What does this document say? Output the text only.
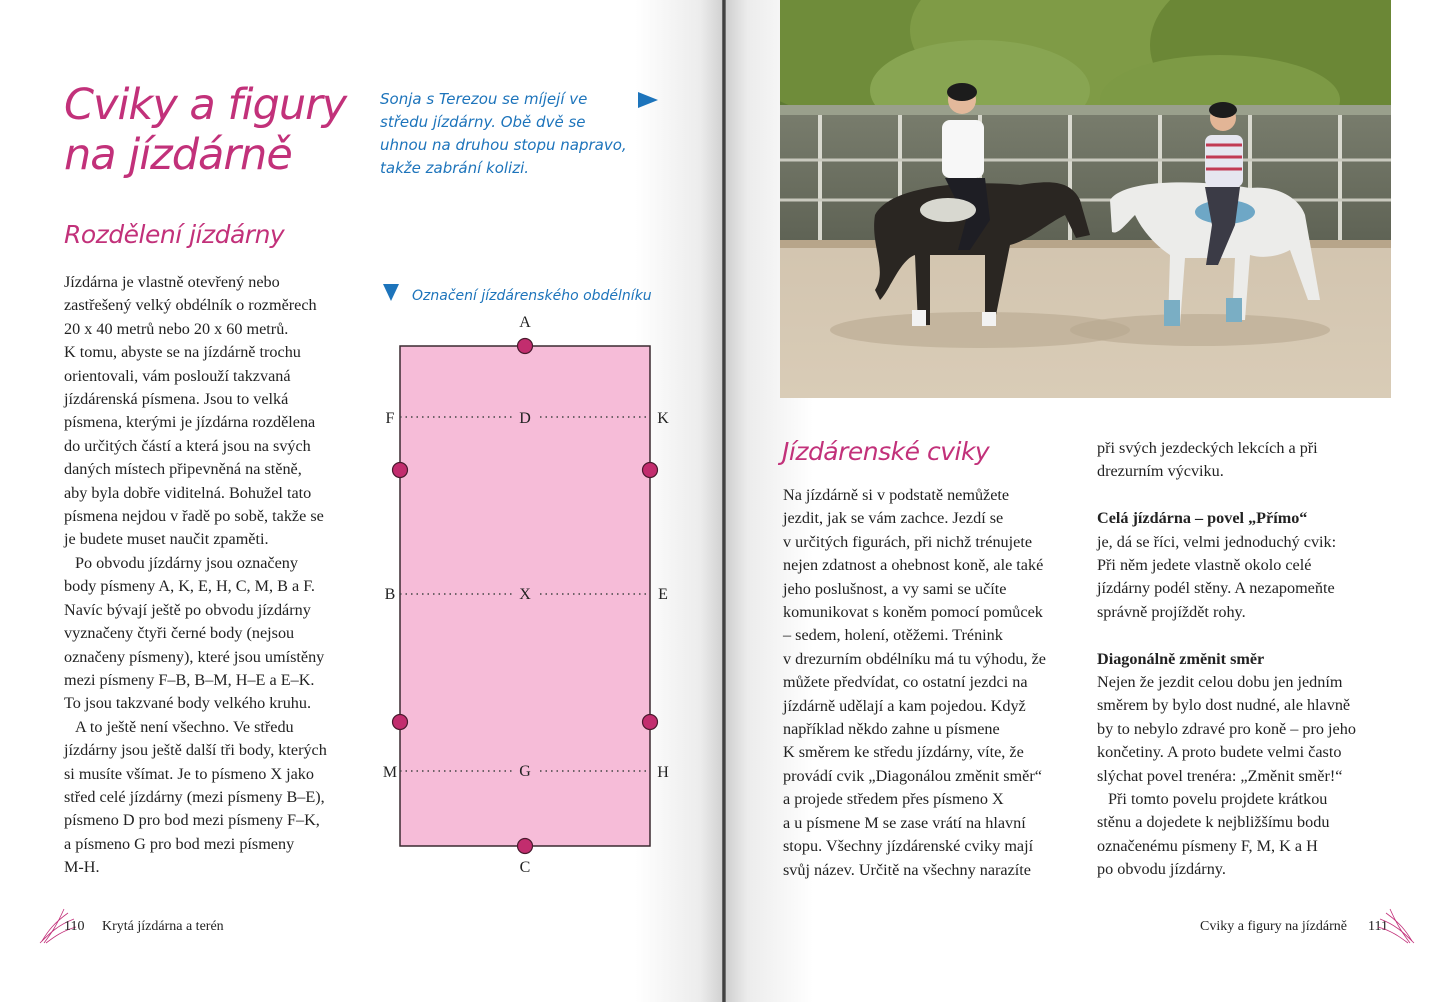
Cviky a figury
na jízdárně

Sonja s Terezou se míjejí ve
středu jízdárny. Obě dvě se
uhnou na druhou stopu napravo,
takže zabrání kolizi.

Rozdělení jízdárny

Označení jízdárenského obdélníku

Jízdárna je vlastně otevřený nebo

zastřešený velký obdélník o rozměrech

20 x 40 metrů nebo 20 x 60 metrů.

K tomu, abyste se na jízdárně trochu

orientovali, vám poslouží takzvaná

jízdárenská písmena. Jsou to velká

písmena, kterými je jízdárna rozdělena

do určitých částí a která jsou na svých

daných místech připevněná na stěně,

aby byla dobře viditelná. Bohužel tato

písmena nejdou v řadě po sobě, takže se

je budete muset naučit zpaměti.

Po obvodu jízdárny jsou označeny

body písmeny A, K, E, H, C, M, B a F.

Navíc bývají ještě po obvodu jízdárny

vyznačeny čtyři černé body (nejsou

označeny písmeny), které jsou umístěny

mezi písmeny F–B, B–M, H–E a E–K.

To jsou takzvané body velkého kruhu.

A to ještě není všechno. Ve středu

jízdárny jsou ještě další tři body, kterých

si musíte všímat. Je to písmeno X jako

střed celé jízdárny (mezi písmeny B–E),

písmeno D pro bod mezi písmeny F–K,

a písmeno G pro bod mezi písmeny

M-H.

A
C
D
X
G
F
B
M
K
E
H

110 Krytá jízdárna a terén

Jízdárenské cviky

Na jízdárně si v podstatě nemůžete

jezdit, jak se vám zachce. Jezdí se

v určitých figurách, při nichž trénujete

nejen zdatnost a ohebnost koně, ale také

jeho poslušnost, a vy sami se učíte

komunikovat s koněm pomocí pomůcek

– sedem, holení, otěžemi. Trénink

v drezurním obdélníku má tu výhodu, že

můžete předvídat, co ostatní jezdci na

jízdárně udělají a kam pojedou. Když

například někdo zahne u písmene

K směrem ke středu jízdárny, víte, že

provádí cvik „Diagonálou změnit směr“

a projede středem přes písmeno X

a u písmene M se zase vrátí na hlavní

stopu. Všechny jízdárenské cviky mají

svůj název. Určitě na všechny narazíte

při svých jezdeckých lekcích a při

drezurním výcviku.

Celá jízdárna – povel „Přímo“

je, dá se říci, velmi jednoduchý cvik:

Při něm jedete vlastně okolo celé

jízdárny podél stěny. A nezapomeňte

správně projíždět rohy.

Diagonálně změnit směr

Nejen že jezdit celou dobu jen jedním

směrem by bylo dost nudné, ale hlavně

by to nebylo zdravé pro koně – pro jeho

končetiny. A proto budete velmi často

slýchat povel trenéra: „Změnit směr!“

Při tomto povelu projdete krátkou

stěnu a dojedete k nejbližšímu bodu

označenému písmeny F, M, K a H

po obvodu jízdárny.

Cviky a figury na jízdárně 111
